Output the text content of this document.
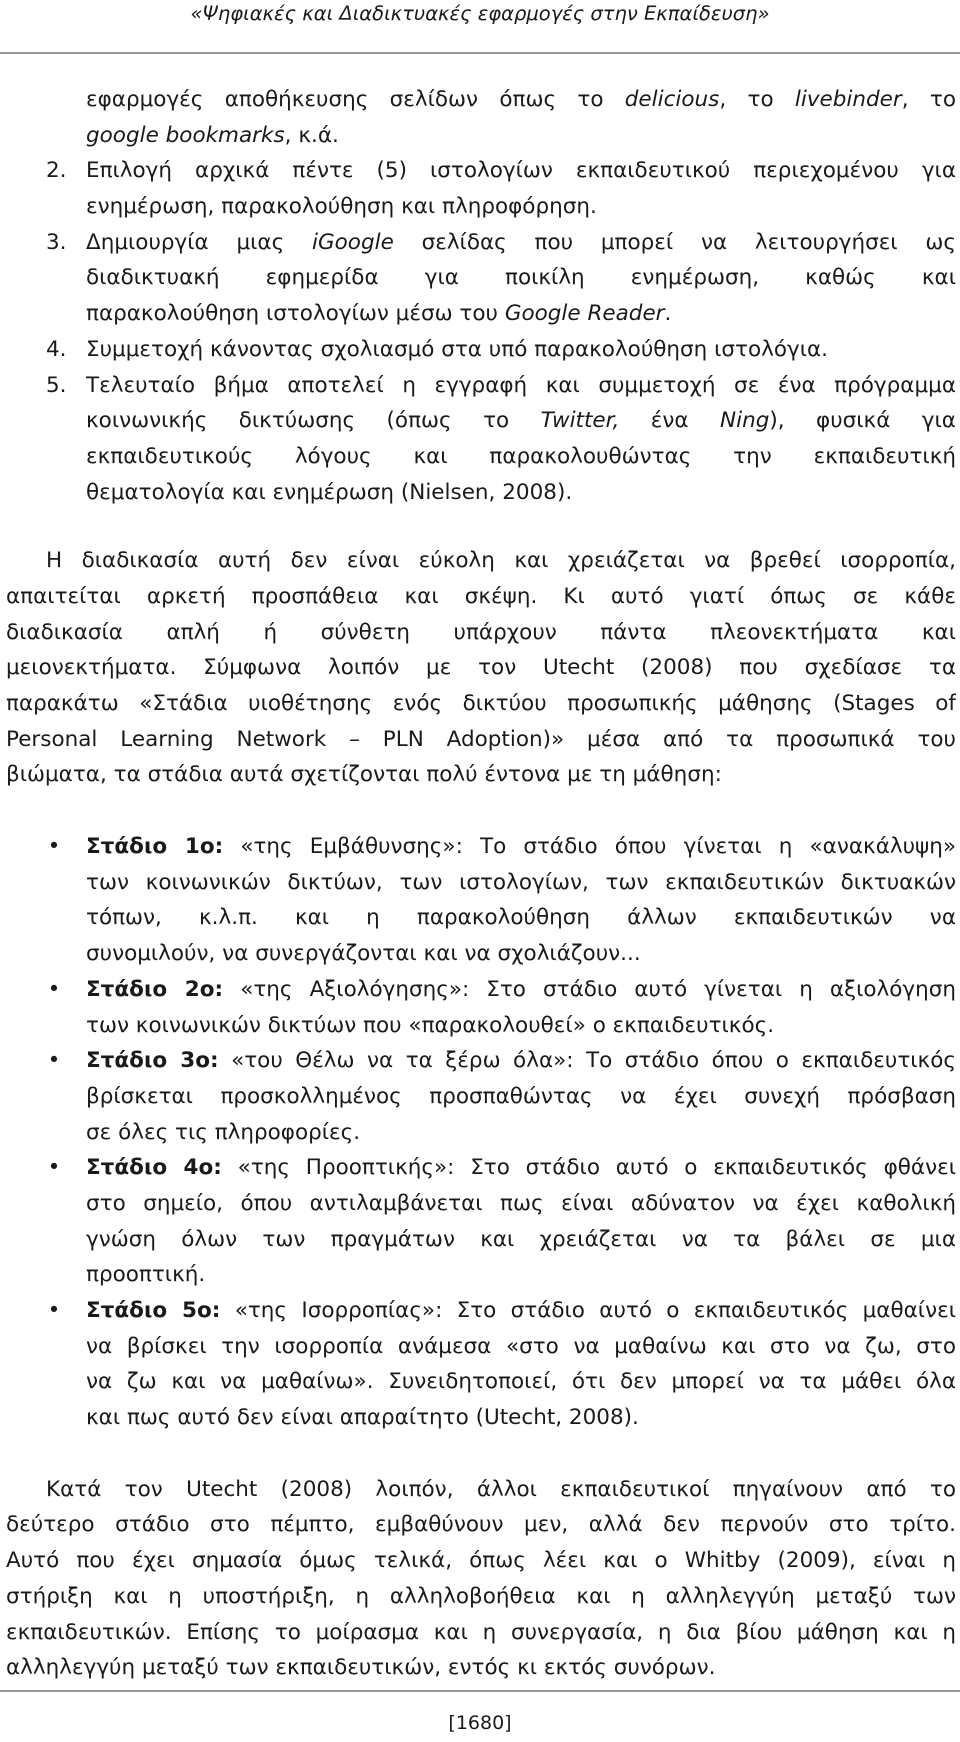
«Ψηφιακές και Διαδικτυακές εφαρμογές στην Εκπαίδευση»
εφαρμογές αποθήκευσης σελίδων όπως το delicious, το livebinder, το
google bookmarks, κ.ά.
2. Επιλογή αρχικά πέντε (5) ιστολογίων εκπαιδευτικού περιεχομένου για
ενημέρωση, παρακολούθηση και πληροφόρηση.
3. Δημιουργία μιας iGoogle σελίδας που μπορεί να λειτουργήσει ως
διαδικτυακή εφημερίδα για ποικίλη ενημέρωση, καθώς και
παρακολούθηση ιστολογίων μέσω του Google Reader.
4. Συμμετοχή κάνοντας σχολιασμό στα υπό παρακολούθηση ιστολόγια.
5. Τελευταίο βήμα αποτελεί η εγγραφή και συμμετοχή σε ένα πρόγραμμα
κοινωνικής δικτύωσης (όπως το Twitter, ένα Ning), φυσικά για
εκπαιδευτικούς λόγους και παρακολουθώντας την εκπαιδευτική
θεματολογία και ενημέρωση (Nielsen, 2008).
Η διαδικασία αυτή δεν είναι εύκολη και χρειάζεται να βρεθεί ισορροπία,
απαιτείται αρκετή προσπάθεια και σκέψη. Κι αυτό γιατί όπως σε κάθε
διαδικασία απλή ή σύνθετη υπάρχουν πάντα πλεονεκτήματα και
μειονεκτήματα. Σύμφωνα λοιπόν με τον Utecht (2008) που σχεδίασε τα
παρακάτω «Στάδια υιοθέτησης ενός δικτύου προσωπικής μάθησης (Stages of
Personal Learning Network – PLN Adoption)» μέσα από τα προσωπικά του
βιώματα, τα στάδια αυτά σχετίζονται πολύ έντονα με τη μάθηση:
• Στάδιο 1ο: «της Εμβάθυνσης»: Το στάδιο όπου γίνεται η «ανακάλυψη»
των κοινωνικών δικτύων, των ιστολογίων, των εκπαιδευτικών δικτυακών
τόπων, κ.λ.π. και η παρακολούθηση άλλων εκπαιδευτικών να
συνομιλούν, να συνεργάζονται και να σχολιάζουν...
• Στάδιο 2ο: «της Αξιολόγησης»: Στο στάδιο αυτό γίνεται η αξιολόγηση
των κοινωνικών δικτύων που «παρακολουθεί» ο εκπαιδευτικός.
• Στάδιο 3ο: «του Θέλω να τα ξέρω όλα»: Το στάδιο όπου ο εκπαιδευτικός
βρίσκεται προσκολλημένος προσπαθώντας να έχει συνεχή πρόσβαση
σε όλες τις πληροφορίες.
• Στάδιο 4ο: «της Προοπτικής»: Στο στάδιο αυτό ο εκπαιδευτικός φθάνει
στο σημείο, όπου αντιλαμβάνεται πως είναι αδύνατον να έχει καθολική
γνώση όλων των πραγμάτων και χρειάζεται να τα βάλει σε μια
προοπτική.
• Στάδιο 5ο: «της Ισορροπίας»: Στο στάδιο αυτό ο εκπαιδευτικός μαθαίνει
να βρίσκει την ισορροπία ανάμεσα «στο να μαθαίνω και στο να ζω, στο
να ζω και να μαθαίνω». Συνειδητοποιεί, ότι δεν μπορεί να τα μάθει όλα
και πως αυτό δεν είναι απαραίτητο (Utecht, 2008).
Κατά τον Utecht (2008) λοιπόν, άλλοι εκπαιδευτικοί πηγαίνουν από το
δεύτερο στάδιο στο πέμπτο, εμβαθύνουν μεν, αλλά δεν περνούν στο τρίτο.
Αυτό που έχει σημασία όμως τελικά, όπως λέει και ο Whitby (2009), είναι η
στήριξη και η υποστήριξη, η αλληλοβοήθεια και η αλληλεγγύη μεταξύ των
εκπαιδευτικών. Επίσης το μοίρασμα και η συνεργασία, η δια βίου μάθηση και η
αλληλεγγύη μεταξύ των εκπαιδευτικών, εντός κι εκτός συνόρων.
[1680]
